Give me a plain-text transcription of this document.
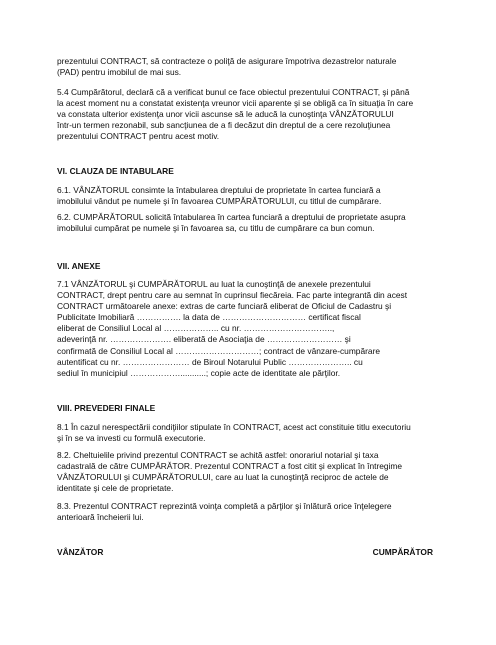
prezentului CONTRACT, să contracteze o poliţă de asigurare împotriva dezastrelor naturale
(PAD) pentru imobilul de mai sus.
5.4 Cumpărătorul, declară că a verificat bunul ce face obiectul prezentului CONTRACT, şi până
la acest moment nu a constatat existenţa vreunor vicii aparente şi se obligă ca în situaţia în care
va constata ulterior existenţa unor vicii ascunse să le aducă la cunoştinţa VÂNZĂTORULUI
într-un termen rezonabil, sub sancţiunea de a fi decăzut din dreptul de a cere rezoluţiunea
prezentului CONTRACT pentru acest motiv.
VI. CLAUZA DE INTABULARE
6.1. VÂNZĂTORUL consimte la întabularea dreptului de proprietate în cartea funciară a
imobilului vândut pe numele şi în favoarea CUMPĂRĂTORULUI, cu titlul de cumpărare.
6.2. CUMPĂRĂTORUL solicită întabularea în cartea funciară a dreptului de proprietate asupra
imobilului cumpărat pe numele şi în favoarea sa, cu titlu de cumpărare ca bun comun.
VII. ANEXE
7.1 VÂNZĂTORUL şi CUMPĂRĂTORUL au luat la cunoştinţă de anexele prezentului
CONTRACT, drept pentru care au semnat în cuprinsul fiecăreia. Fac parte integrantă din acest
CONTRACT următoarele anexe: extras de carte funciară eliberat de Oficiul de Cadastru şi
Publicitate Imobiliară ……………. la data de ………………………… certificat fiscal
eliberat de Consiliul Local al ……………….. cu nr. …………………………..,
adeverinţă nr. …………………. eliberată de Asociaţia de ……………………… şi
confirmată de Consiliul Local al …………………………; contract de vânzare-cumpărare
autentificat cu nr. …………………… de Biroul Notarului Public ………………….. cu
sediul în municipiul ………………...........; copie acte de identitate ale părţilor.
VIII. PREVEDERI FINALE
8.1 În cazul nerespectării condiţiilor stipulate în CONTRACT, acest act constituie titlu executoriu
şi în se va investi cu formulă executorie.
8.2. Cheltuielile privind prezentul CONTRACT se achită astfel: onorariul notarial şi taxa
cadastrală de către CUMPĂRĂTOR. Prezentul CONTRACT a fost citit şi explicat în întregime
VÂNZĂTORULUI şi CUMPĂRĂTORULUI, care au luat la cunoştinţă reciproc de actele de
identitate şi cele de proprietate.
8.3. Prezentul CONTRACT reprezintă voinţa completă a părţilor şi înlătură orice înţelegere
anterioară încheierii lui.
VÂNZĂTOR	CUMPĂRĂTOR
